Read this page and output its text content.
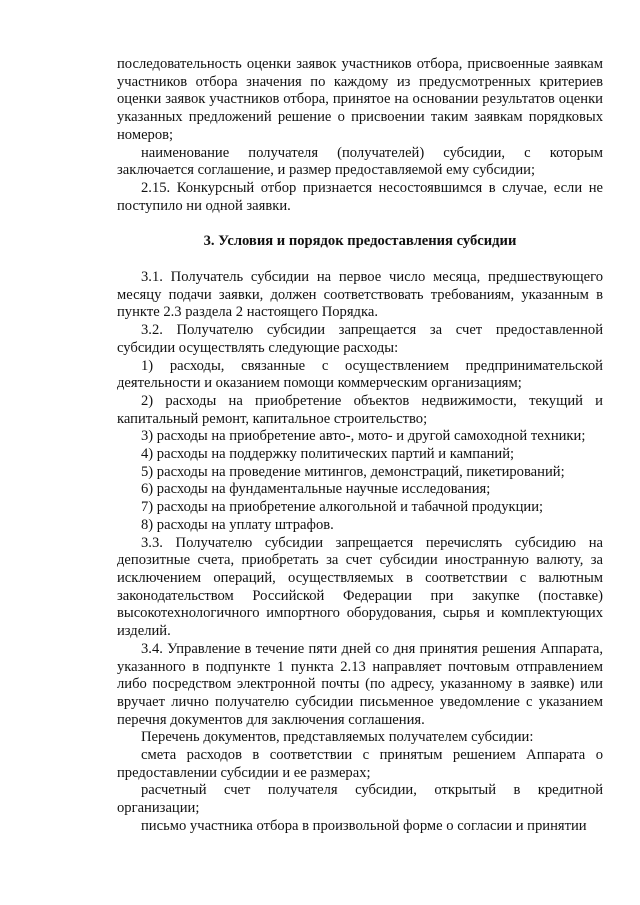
последовательность оценки заявок участников отбора, присвоенные заявкам участников отбора значения по каждому из предусмотренных критериев оценки заявок участников отбора, принятое на основании результатов оценки указанных предложений решение о присвоении таким заявкам порядковых номеров;

наименование получателя (получателей) субсидии, с которым заключается соглашение, и размер предоставляемой ему субсидии;

2.15. Конкурсный отбор признается несостоявшимся в случае, если не поступило ни одной заявки.

3. Условия и порядок предоставления субсидии

3.1. Получатель субсидии на первое число месяца, предшествующего месяцу подачи заявки, должен соответствовать требованиям, указанным в пункте 2.3 раздела 2 настоящего Порядка.

3.2. Получателю субсидии запрещается за счет предоставленной субсидии осуществлять следующие расходы:

1) расходы, связанные с осуществлением предпринимательской деятельности и оказанием помощи коммерческим организациям;

2) расходы на приобретение объектов недвижимости, текущий и капитальный ремонт, капитальное строительство;

3) расходы на приобретение авто-, мото- и другой самоходной техники;

4) расходы на поддержку политических партий и кампаний;

5) расходы на проведение митингов, демонстраций, пикетирований;

6) расходы на фундаментальные научные исследования;

7) расходы на приобретение алкогольной и табачной продукции;

8) расходы на уплату штрафов.

3.3. Получателю субсидии запрещается перечислять субсидию на депозитные счета, приобретать за счет субсидии иностранную валюту, за исключением операций, осуществляемых в соответствии с валютным законодательством Российской Федерации при закупке (поставке) высокотехнологичного импортного оборудования, сырья и комплектующих изделий.

3.4. Управление в течение пяти дней со дня принятия решения Аппарата, указанного в подпункте 1 пункта 2.13 направляет почтовым отправлением либо посредством электронной почты (по адресу, указанному в заявке) или вручает лично получателю субсидии письменное уведомление с указанием перечня документов для заключения соглашения.

Перечень документов, представляемых получателем субсидии:

смета расходов в соответствии с принятым решением Аппарата о предоставлении субсидии и ее размерах;

расчетный счет получателя субсидии, открытый в кредитной организации;

письмо участника отбора в произвольной форме о согласии и принятии
